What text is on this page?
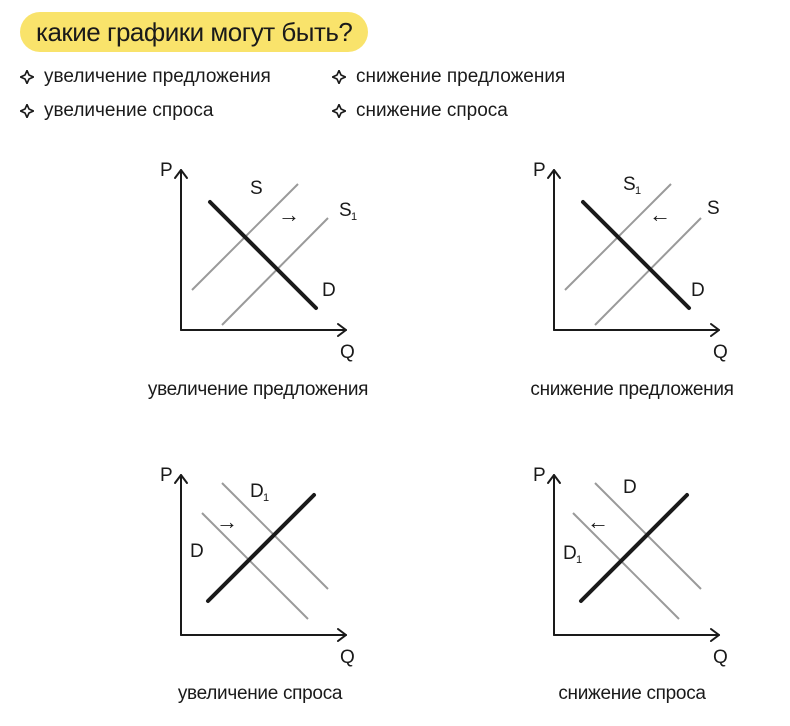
какие графики могут быть?
увеличение предложения	снижение предложения
увеличение спроса	снижение спроса
P
Q
S
S 1
D
→
P
Q
S 1
S
D
←
P
Q
D
D 1
→
P
Q
D 1
D
←
увеличение предложения	снижение предложения
увеличение спроса	снижение спроса
